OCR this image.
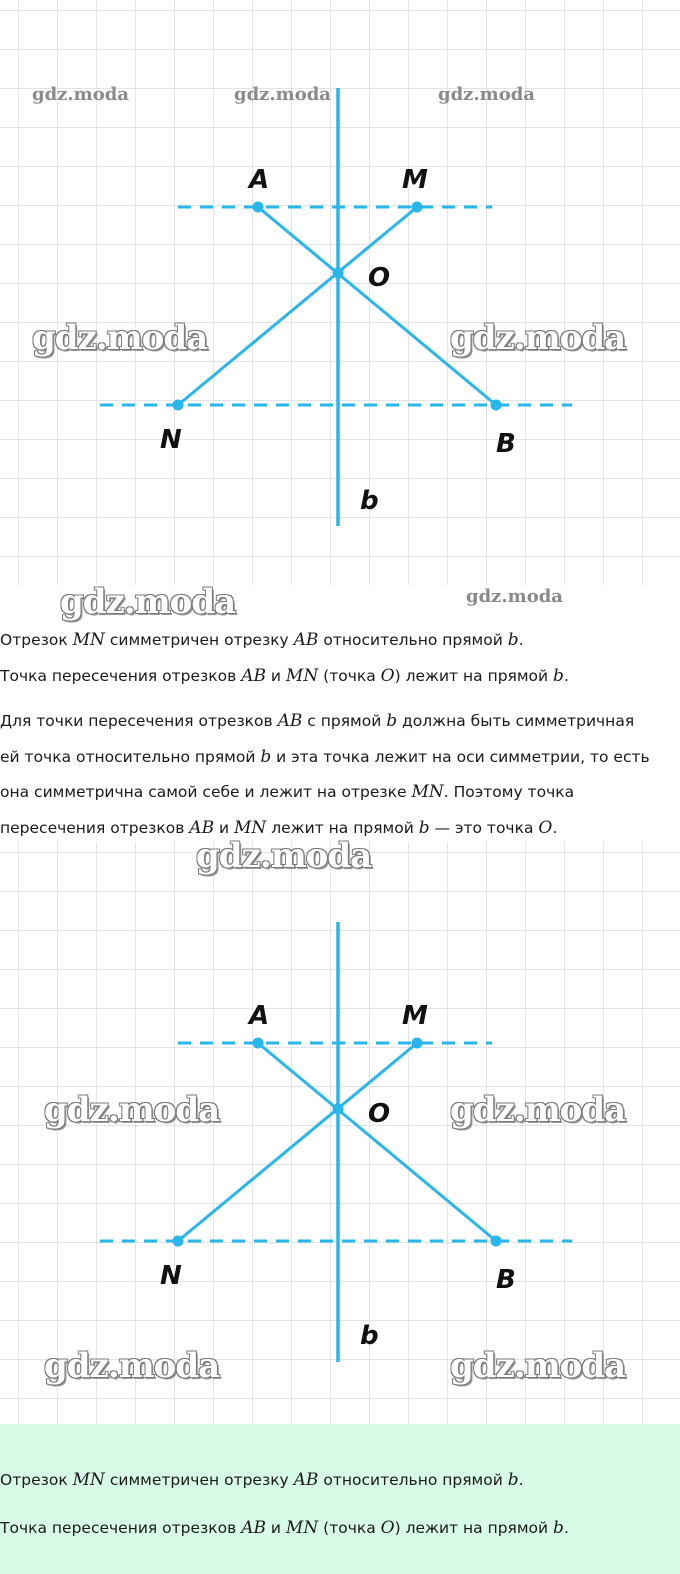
A	M
O
N	B
b
gdz.moda	gdz.moda	gdz.moda
gdz.moda	gdz.moda
gdz.moda	gdz.moda
Отрезок MN симметричен отрезку AB относительно прямой b.
Точка пересечения отрезков AB и MN (точка O) лежит на прямой b.
Для точки пересечения отрезков AB с прямой b должна быть симметричная
ей точка относительно прямой b и эта точка лежит на оси симметрии, то есть
она симметрична самой себе и лежит на отрезке MN. Поэтому точка
пересечения отрезков AB и MN лежит на прямой b — это точка O.
A	M
O
N	B
b
gdz.moda
gdz.moda	gdz.moda
gdz.moda	gdz.moda
Отрезок MN симметричен отрезку AB относительно прямой b.
Точка пересечения отрезков AB и MN (точка O) лежит на прямой b.
